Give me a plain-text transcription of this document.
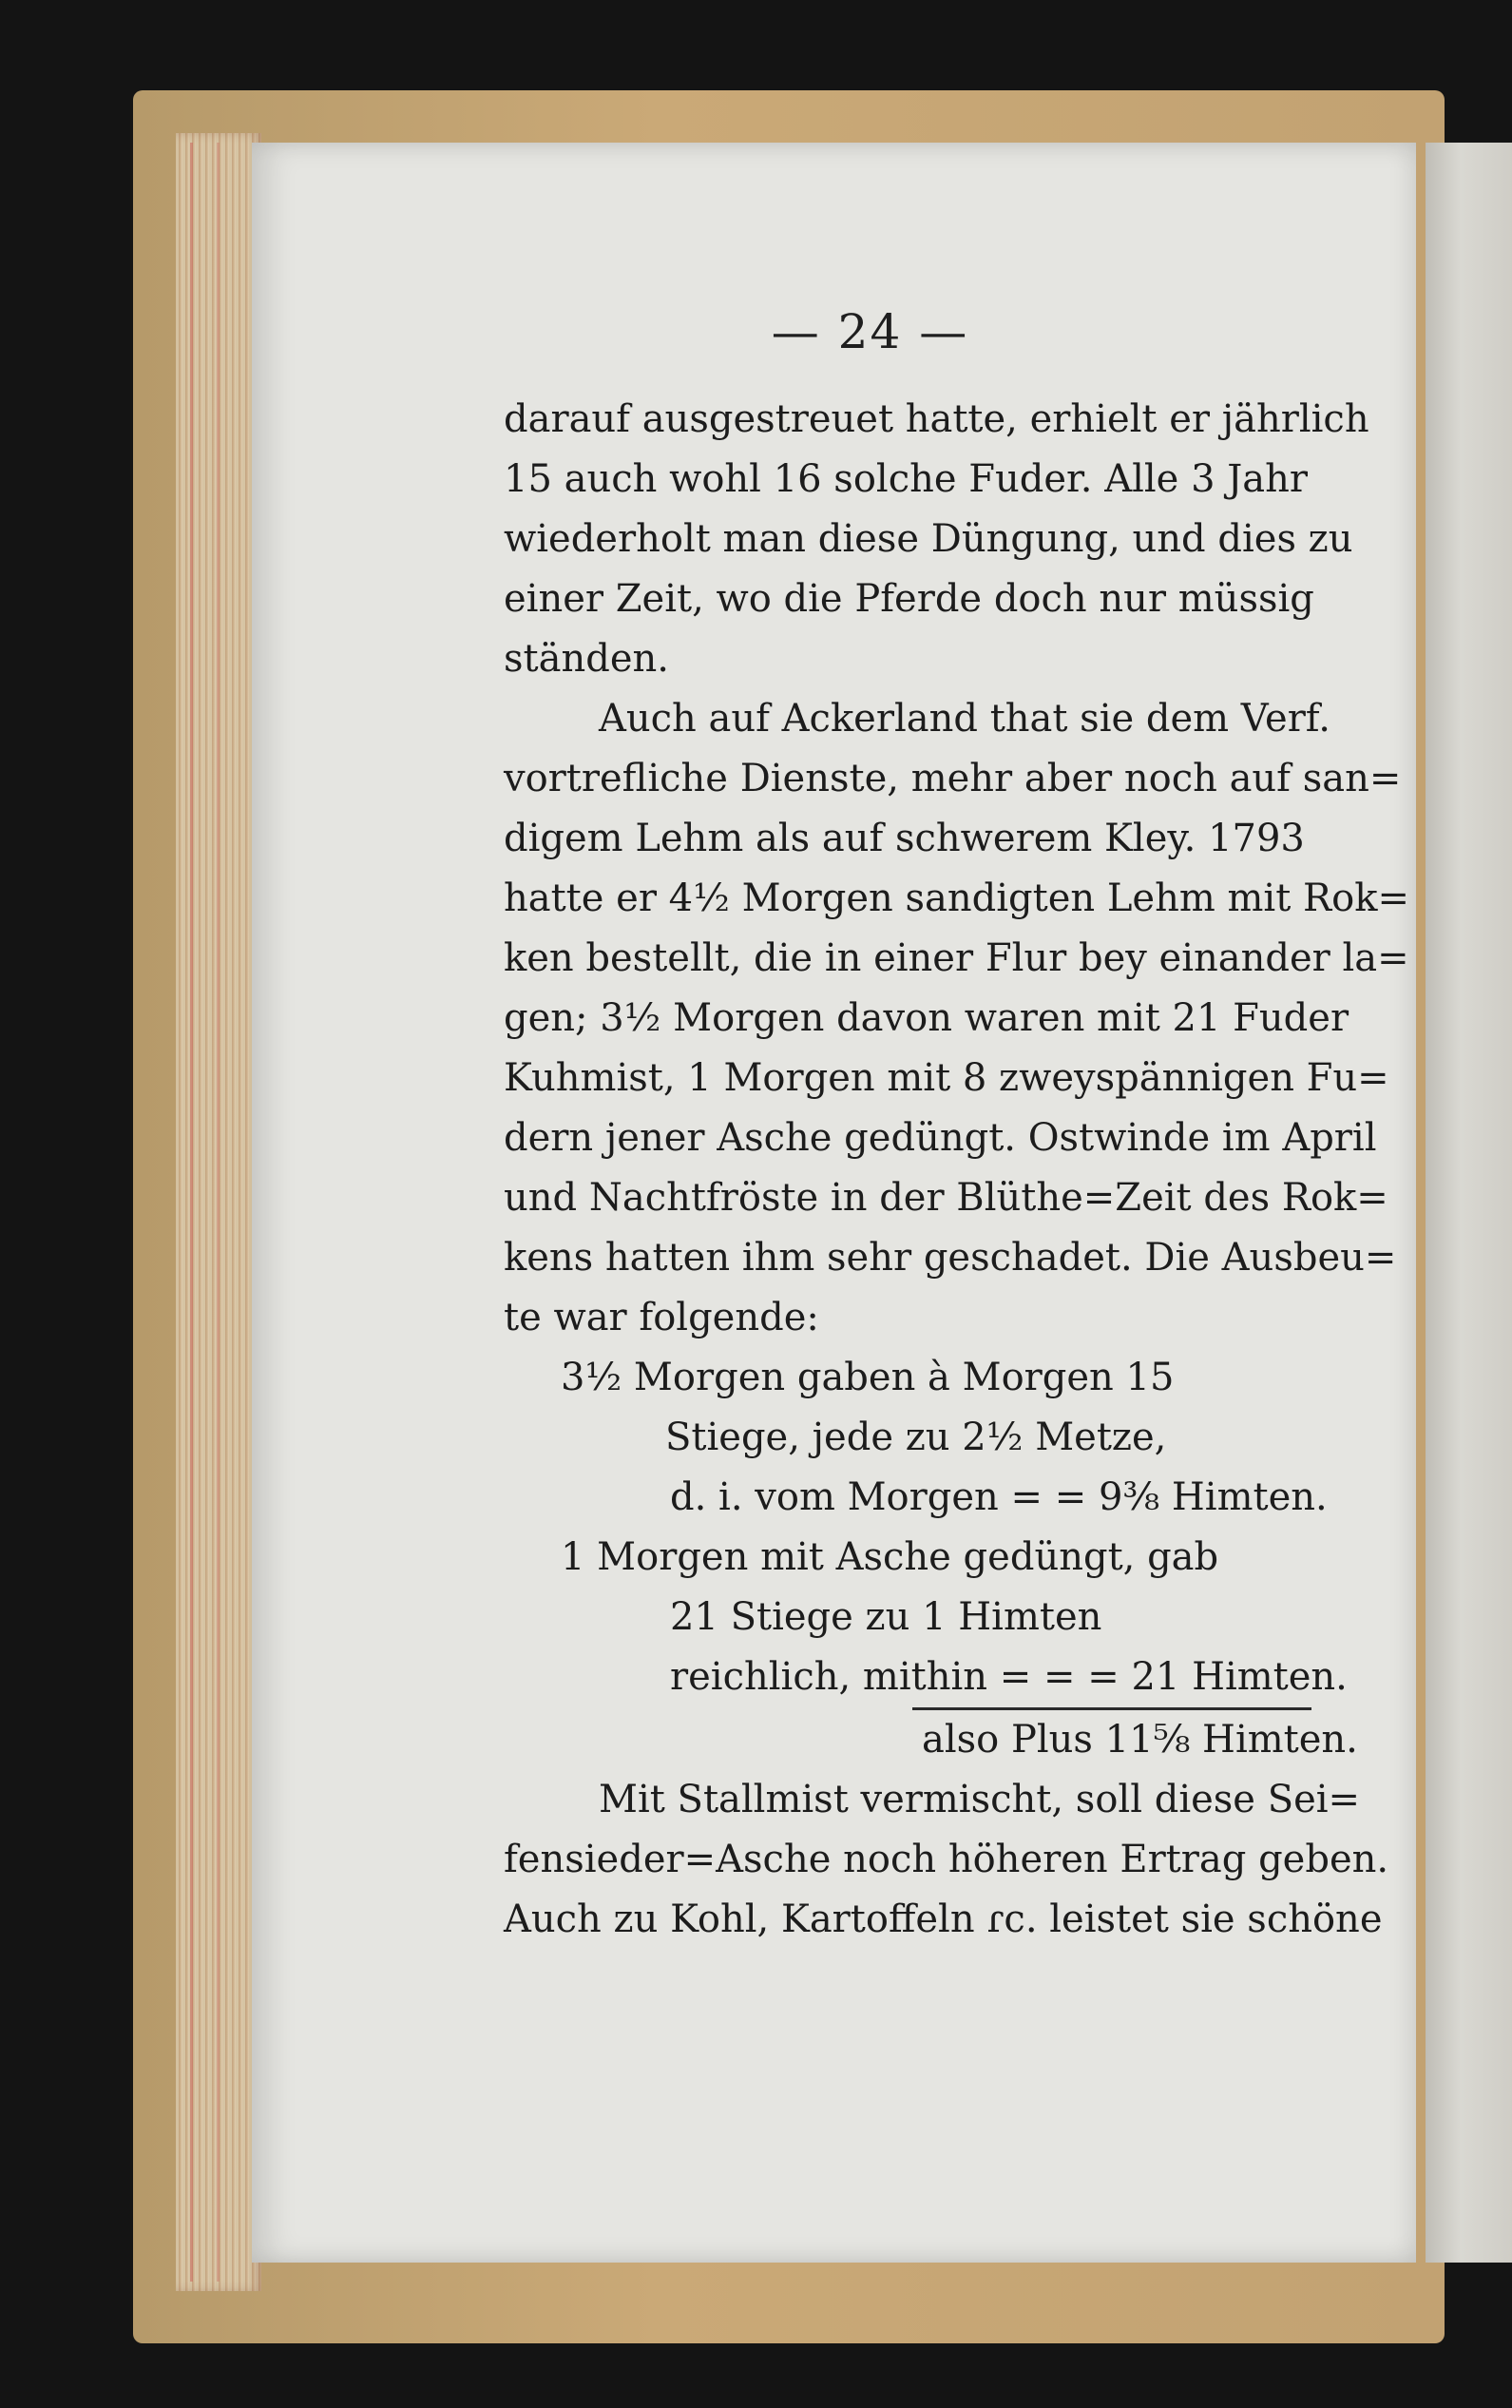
— 24 —
darauf ausgestreuet hatte, erhielt er jährlich
15 auch wohl 16 solche Fuder. Alle 3 Jahr
wiederholt man diese Düngung, und dies zu
einer Zeit, wo die Pferde doch nur müssig
ständen.
Auch auf Ackerland that sie dem Verf.
vortrefliche Dienste, mehr aber noch auf san=
digem Lehm als auf schwerem Kley. 1793
hatte er 4½ Morgen sandigten Lehm mit Rok=
ken bestellt, die in einer Flur bey einander la=
gen; 3½ Morgen davon waren mit 21 Fuder
Kuhmist, 1 Morgen mit 8 zweyspännigen Fu=
dern jener Asche gedüngt. Ostwinde im April
und Nachtfröste in der Blüthe=Zeit des Rok=
kens hatten ihm sehr geschadet. Die Ausbeu=
te war folgende:
3½ Morgen gaben à Morgen 15
Stiege, jede zu 2½ Metze,
d. i. vom Morgen = = 9⅜ Himten.
1 Morgen mit Asche gedüngt, gab
21 Stiege zu 1 Himten
reichlich, mithin = = = 21 Himten.
also Plus 11⅝ Himten.
Mit Stallmist vermischt, soll diese Sei=
fensieder=Asche noch höheren Ertrag geben.
Auch zu Kohl, Kartoffeln ɾc. leistet sie schöne
